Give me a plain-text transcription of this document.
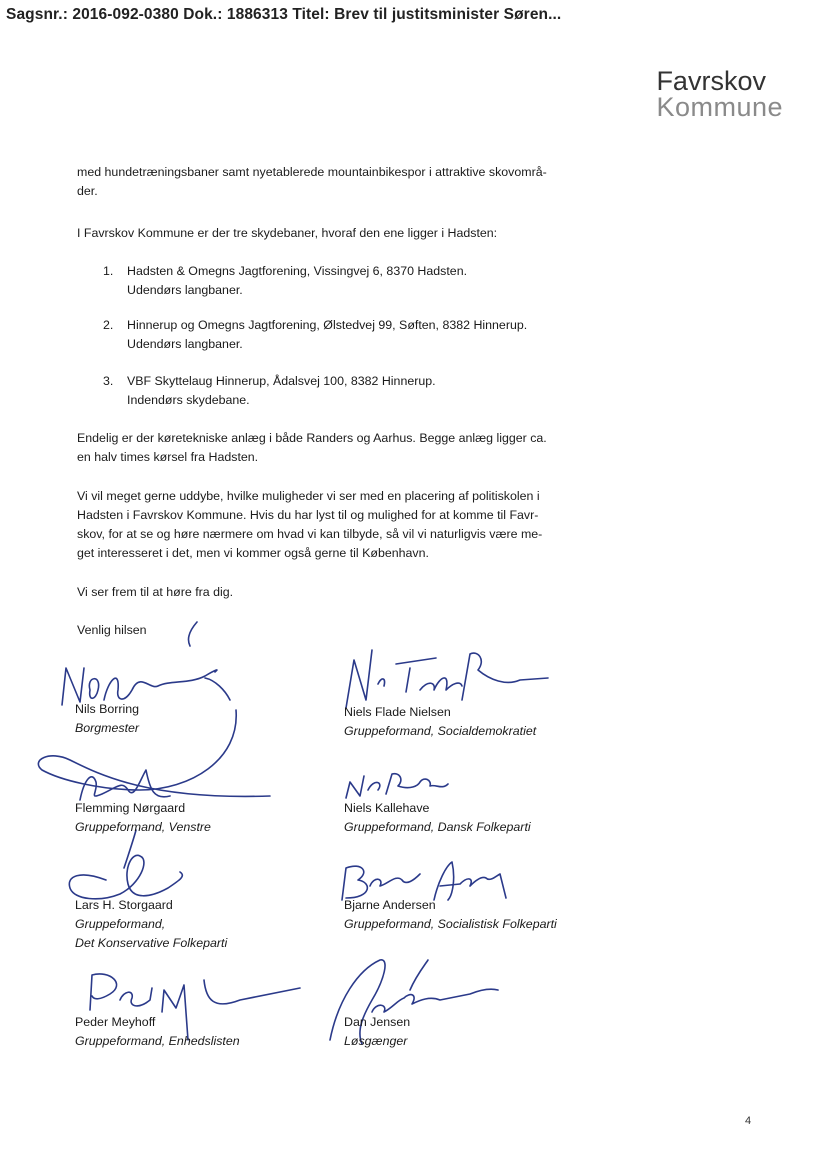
Sagsnr.: 2016-092-0380 Dok.: 1886313 Titel: Brev til justitsminister Søren...
Favrskov
Kommune
med hundetræningsbaner samt nyetablerede mountainbikespor i attraktive skovområ-
der.
I Favrskov Kommune er der tre skydebaner, hvoraf den ene ligger i Hadsten:
1. Hadsten & Omegns Jagtforening, Vissingvej 6, 8370 Hadsten.
Udendørs langbaner.
2. Hinnerup og Omegns Jagtforening, Ølstedvej 99, Søften, 8382 Hinnerup.
Udendørs langbaner.
3. VBF Skyttelaug Hinnerup, Ådalsvej 100, 8382 Hinnerup.
Indendørs skydebane.
Endelig er der køretekniske anlæg i både Randers og Aarhus. Begge anlæg ligger ca.
en halv times kørsel fra Hadsten.
Vi vil meget gerne uddybe, hvilke muligheder vi ser med en placering af politiskolen i
Hadsten i Favrskov Kommune. Hvis du har lyst til og mulighed for at komme til Favr-
skov, for at se og høre nærmere om hvad vi kan tilbyde, så vil vi naturligvis være me-
get interesseret i det, men vi kommer også gerne til København.
Vi ser frem til at høre fra dig.
Venlig hilsen
Nils Borring
Borgmester
Flemming Nørgaard
Gruppeformand, Venstre
Lars H. Storgaard
Gruppeformand,
Det Konservative Folkeparti
Peder Meyhoff
Gruppeformand, Enhedslisten
Niels Flade Nielsen
Gruppeformand, Socialdemokratiet
Niels Kallehave
Gruppeformand, Dansk Folkeparti
Bjarne Andersen
Gruppeformand, Socialistisk Folkeparti
Dan Jensen
Løsgænger
4
